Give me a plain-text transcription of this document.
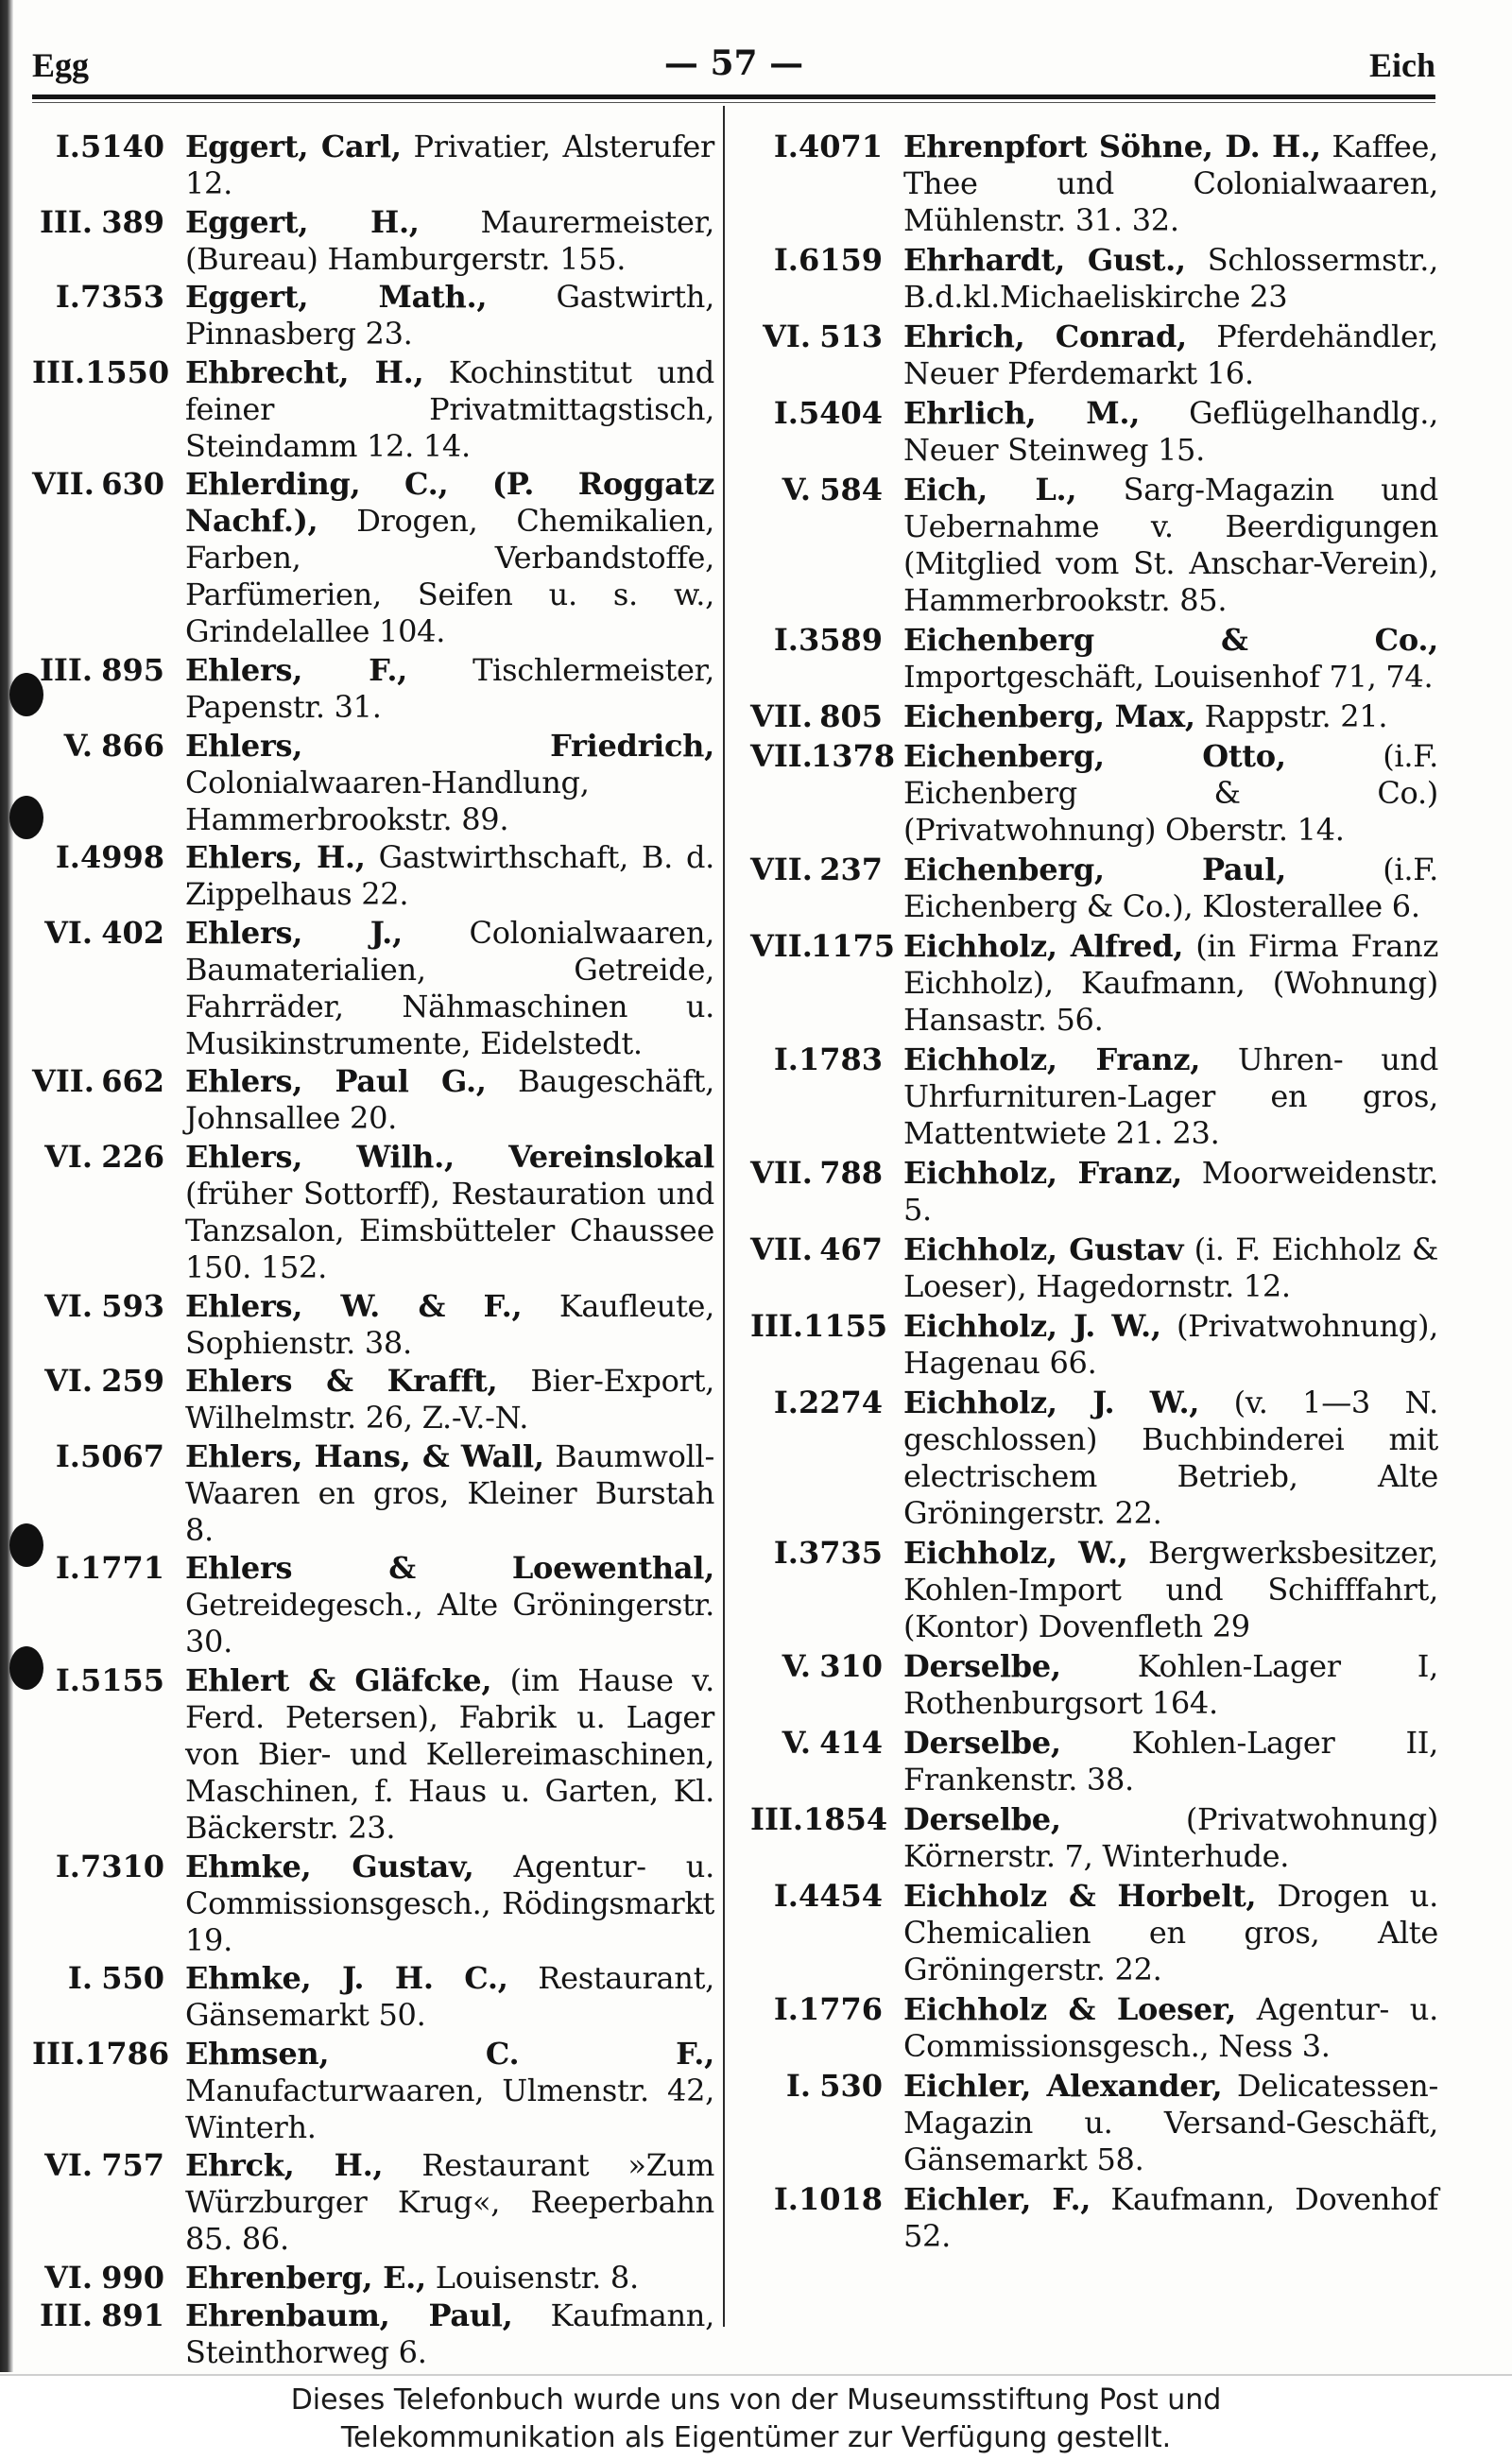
Egg	— 57 —	Eich
I. 5140 Eggert, Carl, Privatier, Alsterufer 12.
III. 389 Eggert, H., Maurermeister, (Bureau) Hamburgerstr. 155.
I. 7353 Eggert, Math., Gastwirth, Pinnasberg 23.
III. 1550 Ehbrecht, H., Kochinstitut und feiner Privatmittagstisch, Steindamm 12. 14.
VII. 630 Ehlerding, C., (P. Roggatz Nachf.), Drogen, Chemikalien, Farben, Verbandstoffe, Parfümerien, Seifen u. s. w., Grindelallee 104.
III. 895 Ehlers, F., Tischlermeister, Papenstr. 31.
V. 866 Ehlers, Friedrich, Colonialwaaren-Handlung, Hammerbrookstr. 89.
I. 4998 Ehlers, H., Gastwirthschaft, B. d. Zippelhaus 22.
VI. 402 Ehlers, J., Colonialwaaren, Baumaterialien, Getreide, Fahrräder, Nähmaschinen u. Musikinstrumente, Eidelstedt.
VII. 662 Ehlers, Paul G., Baugeschäft, Johnsallee 20.
VI. 226 Ehlers, Wilh., Vereinslokal (früher Sottorff), Restauration und Tanzsalon, Eimsbütteler Chaussee 150. 152.
VI. 593 Ehlers, W. & F., Kaufleute, Sophienstr. 38.
VI. 259 Ehlers & Krafft, Bier-Export, Wilhelmstr. 26, Z.-V.-N.
I. 5067 Ehlers, Hans, & Wall, Baumwoll-Waaren en gros, Kleiner Burstah 8.
I. 1771 Ehlers & Loewenthal, Getreidegesch., Alte Gröningerstr. 30.
I. 5155 Ehlert & Gläfcke, (im Hause v. Ferd. Petersen), Fabrik u. Lager von Bier- und Kellereimaschinen, Maschinen, f. Haus u. Garten, Kl. Bäckerstr. 23.
I. 7310 Ehmke, Gustav, Agentur- u. Commissionsgesch., Rödingsmarkt 19.
I. 550 Ehmke, J. H. C., Restaurant, Gänsemarkt 50.
III. 1786 Ehmsen, C. F., Manufacturwaaren, Ulmenstr. 42, Winterh.
VI. 757 Ehrck, H., Restaurant »Zum Würzburger Krug«, Reeperbahn 85. 86.
VI. 990 Ehrenberg, E., Louisenstr. 8.
III. 891 Ehrenbaum, Paul, Kaufmann, Steinthorweg 6.
I. 4071 Ehrenpfort Söhne, D. H., Kaffee, Thee und Colonialwaaren, Mühlenstr. 31. 32.
I. 6159 Ehrhardt, Gust., Schlossermstr., B.d.kl.Michaeliskirche 23
VI. 513 Ehrich, Conrad, Pferdehändler, Neuer Pferdemarkt 16.
I. 5404 Ehrlich, M., Geflügelhandlg., Neuer Steinweg 15.
V. 584 Eich, L., Sarg-Magazin und Uebernahme v. Beerdigungen (Mitglied vom St. Anschar-Verein), Hammerbrookstr. 85.
I. 3589 Eichenberg & Co., Importgeschäft, Louisenhof 71, 74.
VII. 805 Eichenberg, Max, Rappstr. 21.
VII.
1378 Eichenberg, Otto, (i.F. Eichenberg & Co.) (Privatwohnung) Oberstr. 14.
VII. 237 Eichenberg, Paul, (i.F. Eichenberg & Co.), Klosterallee 6.
VII.
1175 Eichholz, Alfred, (in Firma Franz Eichholz), Kaufmann, (Wohnung) Hansastr. 56.
I. 1783 Eichholz, Franz, Uhren- und Uhrfurnituren-Lager en gros, Mattentwiete 21. 23.
VII. 788 Eichholz, Franz, Moorweidenstr. 5.
VII. 467 Eichholz, Gustav (i. F. Eichholz & Loeser), Hagedornstr. 12.
III. 1155 Eichholz, J. W., (Privatwohnung), Hagenau 66.
I. 2274 Eichholz, J. W., (v. 1—3 N. geschlossen) Buchbinderei mit electrischem Betrieb, Alte Gröningerstr. 22.
I. 3735 Eichholz, W., Bergwerksbesitzer, Kohlen-Import und Schifffahrt, (Kontor) Dovenfleth 29
V. 310 Derselbe, Kohlen-Lager I, Rothenburgsort 164.
V. 414 Derselbe, Kohlen-Lager II, Frankenstr. 38.
III. 1854 Derselbe, (Privatwohnung) Körnerstr. 7, Winterhude.
I. 4454 Eichholz & Horbelt, Drogen u. Chemicalien en gros, Alte Gröningerstr. 22.
I. 1776 Eichholz & Loeser, Agentur- u. Commissionsgesch., Ness 3.
I. 530 Eichler, Alexander, Delicatessen-Magazin u. Versand-Geschäft, Gänsemarkt 58.
I. 1018 Eichler, F., Kaufmann, Dovenhof 52.
Dieses Telefonbuch wurde uns von der Museumsstiftung Post und
Telekommunikation als Eigentümer zur Verfügung gestellt.
